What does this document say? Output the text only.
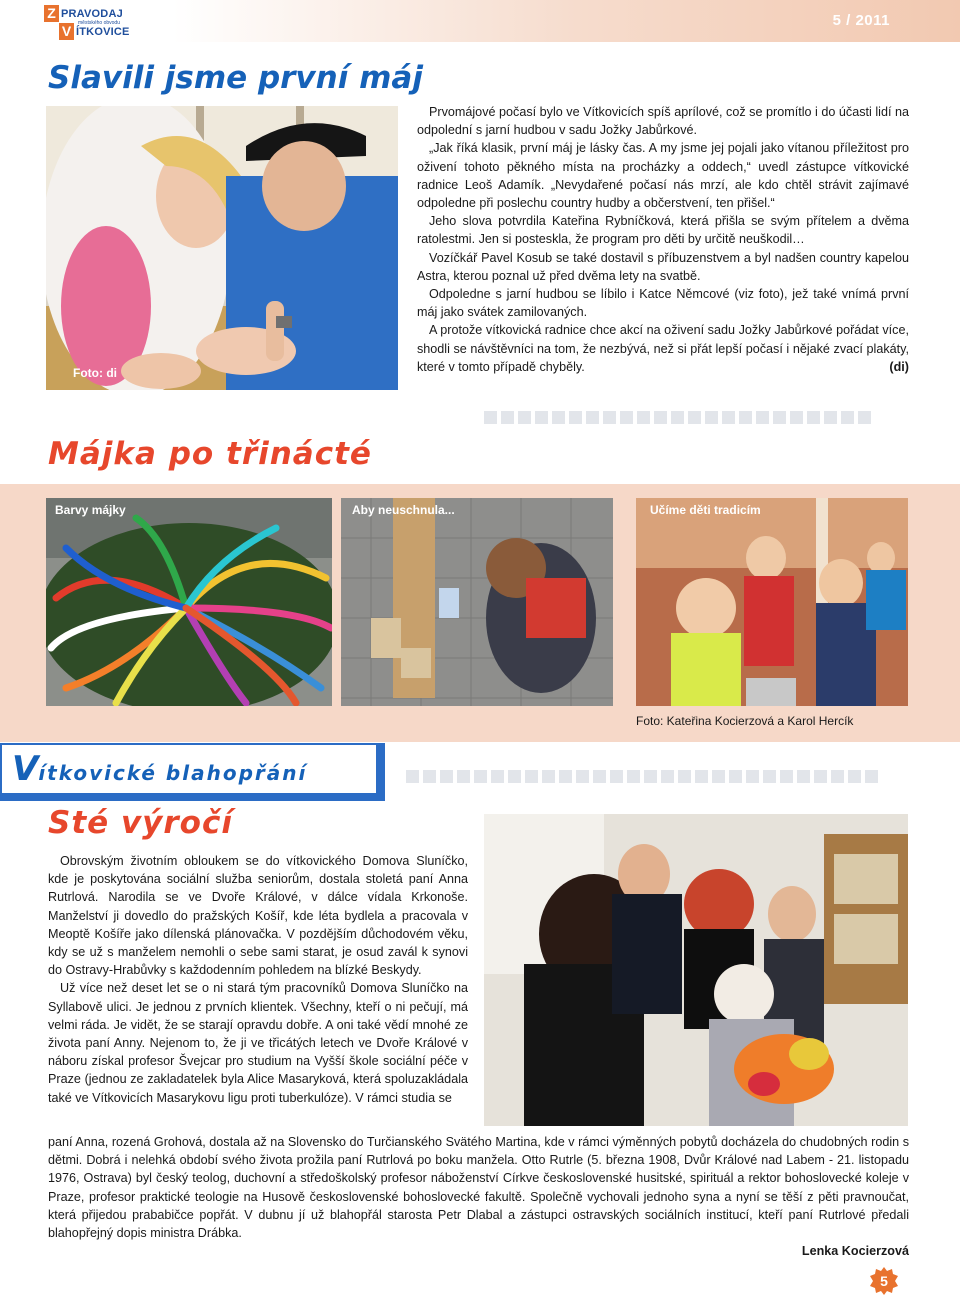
Z PRAVODAJ
městského obvodu
V ÍTKOVICE
5 / 2011
Slavili jsme první máj
Foto: di

Prvomájové počasí bylo ve Vítkovicích spíš aprílové, což se promítlo i do účasti lidí na odpolední s jarní hudbou v sadu Jožky Jabůrkové.

„Jak říká klasik, první máj je lásky čas. A my jsme jej pojali jako vítanou příležitost pro oživení tohoto pěkného místa na procházky a oddech,“ uvedl zástupce vítkovické radnice Leoš Adamík. „Nevydařené počasí nás mrzí, ale kdo chtěl strávit zajímavé odpoledne při poslechu country hudby a občerstvení, ten přišel.“

Jeho slova potvrdila Kateřina Rybníčková, která přišla se svým přítelem a dvěma ratolestmi. Jen si posteskla, že program pro děti by určitě neuškodil…

Vozíčkář Pavel Kosub se také dostavil s příbuzenstvem a byl nadšen country kapelou Astra, kterou poznal už před dvěma lety na svatbě.

Odpoledne s jarní hudbou se líbilo i Katce Němcové (viz foto), jež také vnímá první máj jako svátek zamilovaných.

A protože vítkovická radnice chce akcí na oživení sadu Jožky Jabůrkové pořádat více, shodli se návštěvníci na tom, že nezbývá, než si přát lepší počasí i nějaké zvací plakáty, které v tomto případě chyběly.	(di)

Májka po třinácté
Barvy májky	Aby neuschnula...	Učíme děti tradicím
Foto: Kateřina Kocierzová a Karol Hercík
Vítkovické blahopřání
Sté výročí

Obrovským životním obloukem se do vítkovického Domova Sluníčko, kde je poskytována sociální služba seniorům, dostala stoletá paní Anna Rutrlová. Narodila se ve Dvoře Králové, v dálce vídala Krkonoše. Manželství ji dovedlo do pražských Košíř, kde léta bydlela a pracovala v Meoptě Košíře jako dílenská plánovačka. V pozdějším důchodovém věku, kdy se už s manželem nemohli o sebe sami starat, je osud zavál k synovi do Ostravy-Hrabůvky s každodenním pohledem na blízké Beskydy.

Už více než deset let se o ni stará tým pracovníků Domova Sluníčko na Syllabově ulici. Je jednou z prvních klientek. Všechny, kteří o ni pečují, má velmi ráda. Je vidět, že se starají opravdu dobře. A oni také vědí mnohé ze života paní Anny. Nejenom to, že ji ve třicátých letech ve Dvoře Králové v náboru získal profesor Švejcar pro studium na Vyšší škole sociální péče v Praze (jednou ze zakladatelek byla Alice Masaryková, která spoluzakládala také ve Vítkovicích Masarykovu ligu proti tuberkulóze). V rámci studia se

paní Anna, rozená Grohová, dostala až na Slovensko do Turčianského Svätého Martina, kde v rámci výměnných pobytů docházela do chudobných rodin s dětmi. Dobrá i nelehká období svého života prožila paní Rutrlová po boku manžela. Otto Rutrle (5. března 1908, Dvůr Králové nad Labem - 21. listopadu 1976, Ostrava) byl český teolog, duchovní a středoškolský profesor náboženství Církve československé husitské, spirituál a rektor bohoslovecké koleje v Praze, profesor praktické teologie na Husově československé bohoslovecké fakultě. Společně vychovali jednoho syna a nyní se těší z pěti pravnoučat, která přijedou prababičce popřát. V dubnu jí už blahopřál starosta Petr Dlabal a zástupci ostravských sociálních institucí, kteří paní Rutrlové předali blahopřejný dopis ministra Drábka.
Lenka Kocierzová
5
